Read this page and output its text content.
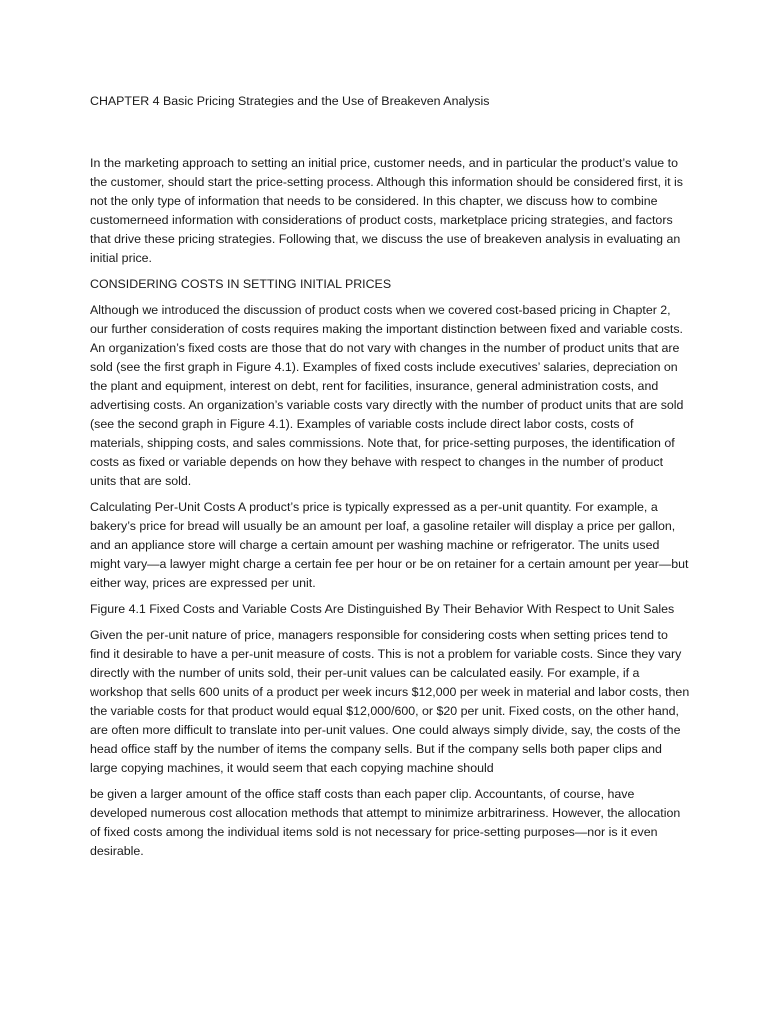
CHAPTER 4 Basic Pricing Strategies and the Use of Breakeven Analysis

In the marketing approach to setting an initial price, customer needs, and in particular the product’s value to the customer, should start the price-setting process. Although this information should be considered first, it is not the only type of information that needs to be considered. In this chapter, we discuss how to combine customerneed information with considerations of product costs, marketplace pricing strategies, and factors that drive these pricing strategies. Following that, we discuss the use of breakeven analysis in evaluating an initial price.

CONSIDERING COSTS IN SETTING INITIAL PRICES

Although we introduced the discussion of product costs when we covered cost-based pricing in Chapter 2, our further consideration of costs requires making the important distinction between fixed and variable costs. An organization’s fixed costs are those that do not vary with changes in the number of product units that are sold (see the first graph in Figure 4.1). Examples of fixed costs include executives’ salaries, depreciation on the plant and equipment, interest on debt, rent for facilities, insurance, general administration costs, and advertising costs. An organization’s variable costs vary directly with the number of product units that are sold (see the second graph in Figure 4.1). Examples of variable costs include direct labor costs, costs of materials, shipping costs, and sales commissions. Note that, for price-setting purposes, the identification of costs as fixed or variable depends on how they behave with respect to changes in the number of product units that are sold.

Calculating Per-Unit Costs A product’s price is typically expressed as a per-unit quantity. For example, a bakery’s price for bread will usually be an amount per loaf, a gasoline retailer will display a price per gallon, and an appliance store will charge a certain amount per washing machine or refrigerator. The units used might vary—a lawyer might charge a certain fee per hour or be on retainer for a certain amount per year—but either way, prices are expressed per unit.

Figure 4.1 Fixed Costs and Variable Costs Are Distinguished By Their Behavior With Respect to Unit Sales

Given the per-unit nature of price, managers responsible for considering costs when setting prices tend to find it desirable to have a per-unit measure of costs. This is not a problem for variable costs. Since they vary directly with the number of units sold, their per-unit values can be calculated easily. For example, if a workshop that sells 600 units of a product per week incurs $12,000 per week in material and labor costs, then the variable costs for that product would equal $12,000/600, or $20 per unit. Fixed costs, on the other hand, are often more difficult to translate into per-unit values. One could always simply divide, say, the costs of the head office staff by the number of items the company sells. But if the company sells both paper clips and large copying machines, it would seem that each copying machine should

be given a larger amount of the office staff costs than each paper clip. Accountants, of course, have developed numerous cost allocation methods that attempt to minimize arbitrariness. However, the allocation of fixed costs among the individual items sold is not necessary for price-setting purposes—nor is it even desirable.
